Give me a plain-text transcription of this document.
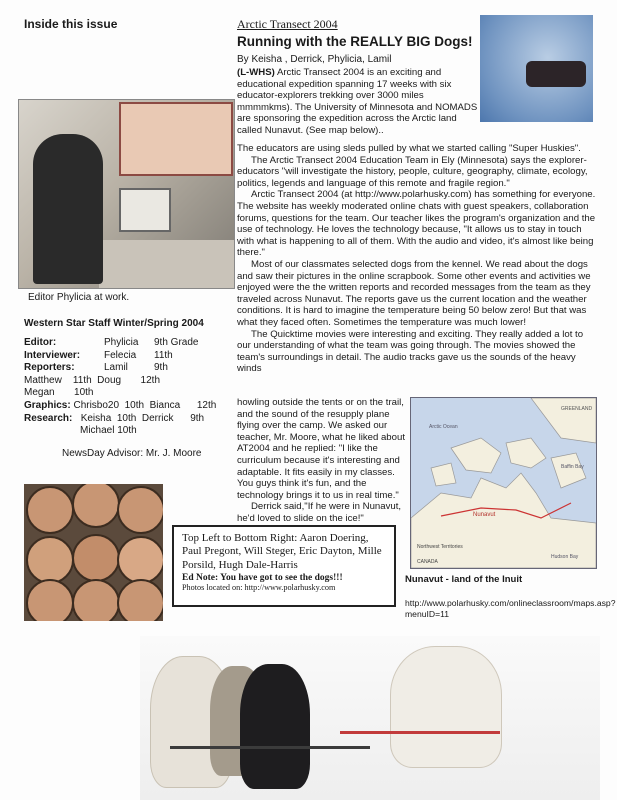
Inside this issue
Editor Phylicia at work.
Western Star Staff Winter/Spring 2004
Editor:	Phylicia 9th Grade
Interviewer: Felecia 11th
Reporters:	Lamil	9th
Matthew    11th  Doug       12th
Megan       10th
Graphics: Chrisbo20  10th  Bianca      12th
Research: Keisha  10th  Derrick      9th
Michael 10th
NewsDay Advisor: Mr. J. Moore
Arctic Transect 2004
Running with the REALLY BIG Dogs!
By Keisha , Derrick, Phylicia, Lamil
(L-WHS) Arctic Transect 2004 is an exciting and educational expedition spanning 17 weeks with six educator-explorers trekking over 3000 miles mmmmkms). The University of Minnesota and NOMADS are sponsoring the expedition across the Arctic land called Nunavut. (See map below)..

The educators are using sleds pulled by what we started calling "Super Huskies".

The Arctic Transect 2004 Education Team in Ely (Minnesota) says the explorer-educators "will investigate the history, people, culture, geography, climate, ecology, politics, legends and language of this remote and fragile region."

Arctic Transect 2004 (at http://www.polarhusky.com) has something for everyone. The website has weekly moderated online chats with guest speakers, collaboration forums, questions for the team. Our teacher likes the program's organization and the use of technology. He loves the technology because, "It allows us to stay in touch with what is happening to all of them. With the audio and video, it's almost like being there."

Most of our classmates selected dogs from the kennel. We read about the dogs and saw their pictures in the online scrapbook. Some other events and activities we enjoyed were the the written reports and recorded messages from the team as they traveled across Nunavut. The reports gave us the current location and the weather conditions. It is hard to imagine the temperature being 50 below zero! But that was what they faced often. Sometimes the temperature was much lower!

The Quicktime movies were interesting and exciting. They really added a lot to our understanding of what the team was going through. The movies showed the team's surroundings in detail. The audio tracks gave us the sounds of the heavy winds

howling outside the tents or on the trail, and the sound of the resupply plane flying over the camp. We asked our teacher, Mr. Moore, what he liked about AT2004 and he replied: "I like the curriculum because it's interesting and adaptable. It fits easily in my classes. You guys think it's fun, and the technology brings it to us in real time."

Derrick said,"If he were in Nunavut, he'd loved to slide on the ice!"

GREENLAND
Arctic Ocean
Nunavut
Northwest Territories
CANADA
Hudson Bay
Baffin Bay
Nunavut - land of the Inuit
http://www.polarhusky.com/onlineclassroom/maps.asp?menuID=11
Top Left to Bottom Right: Aaron Doering, Paul Pregont, Will Steger, Eric Dayton, Mille Porsild, Hugh Dale-Harris
Ed Note: You have got to see the dogs!!!
Photos located on: http://www.polarhusky.com
